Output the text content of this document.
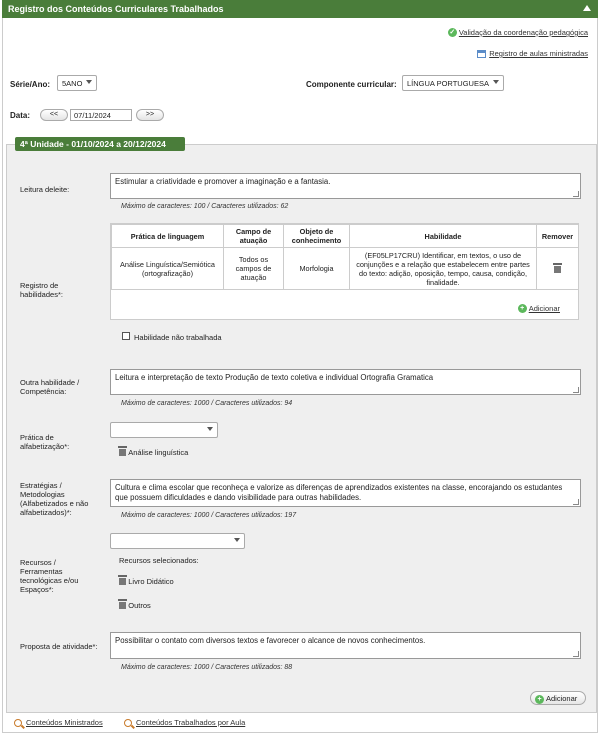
Registro dos Conteúdos Curriculares Trabalhados
✓ Validação da coordenação pedagógica
Registro de aulas ministradas
Série/Ano:	5ANO	Componente curricular:	LÍNGUA PORTUGUESA
Data:	<<	07/11/2024	>>
4ª Unidade - 01/10/2024 a 20/12/2024
Leitura deleite:
Estimular a criatividade e promover a imaginação e a fantasia.
Máximo de caracteres: 100 / Caracteres utilizados: 62
Registro de habilidades*:
Prática de linguagem	Campo de atuação	Objeto de conhecimento	Habilidade	Remover
Análise Linguística/Semiótica (ortografização)	Todos os campos de atuação	Morfologia	(EF05LP17CRU) Identificar, em textos, o uso de conjunções e a relação que estabelecem entre partes do texto: adição, oposição, tempo, causa, condição, finalidade.	
+ Adicionar
Habilidade não trabalhada
Outra habilidade / Competência:
Leitura e interpretação de texto Produção de texto coletiva e individual Ortografia Gramatica
Máximo de caracteres: 1000 / Caracteres utilizados: 94
Prática de alfabetização*:
Análise linguística
Estratégias / Metodologias (Alfabetizados e não alfabetizados)*:
Cultura e clima escolar que reconheça e valorize as diferenças de aprendizados existentes na classe, encorajando os estudantes que possuem dificuldades e dando visibilidade para outras habilidades.
Máximo de caracteres: 1000 / Caracteres utilizados: 197
Recursos / Ferramentas tecnológicas e/ou Espaços*:
Recursos selecionados:
Livro Didático
Outros
Proposta de atividade*:
Possibilitar o contato com diversos textos e favorecer o alcance de novos conhecimentos.
Máximo de caracteres: 1000 / Caracteres utilizados: 88
+ Adicionar
Conteúdos Ministrados	Conteúdos Trabalhados por Aula
